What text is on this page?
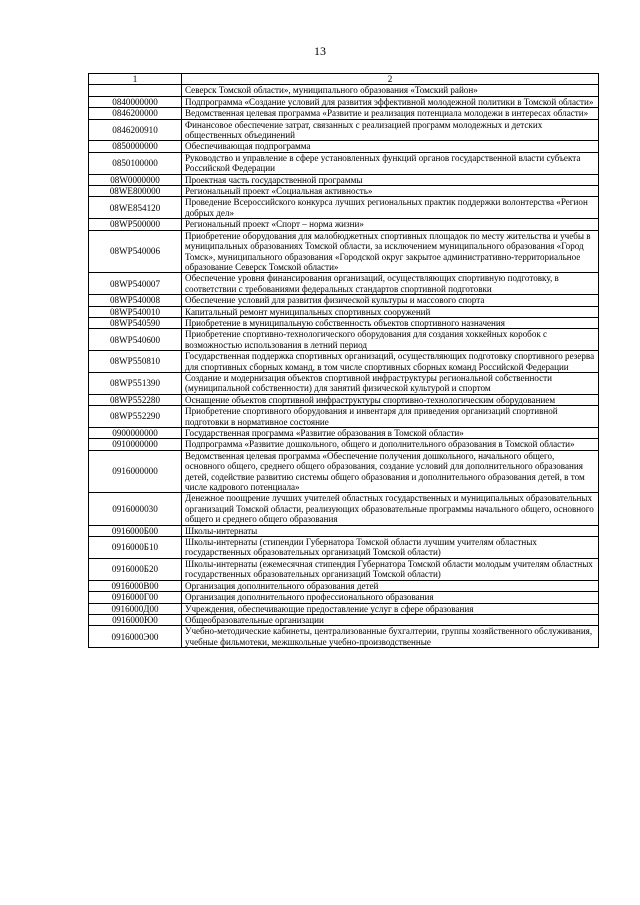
13
1	2
	Северск Томской области», муниципального образования «Томский район»
0840000000	Подпрограмма «Создание условий для развития эффективной молодежной политики в Томской области»
0846200000	Ведомственная целевая программа «Развитие и реализация потенциала молодежи в интересах области»
0846200910	Финансовое обеспечение затрат, связанных с реализацией программ молодежных и детских общественных объединений
0850000000	Обеспечивающая подпрограмма
0850100000	Руководство и управление в сфере установленных функций органов государственной власти субъекта Российской Федерации
08W0000000	Проектная часть государственной программы
08WE800000	Региональный проект «Социальная активность»
08WE854120	Проведение Всероссийского конкурса лучших региональных практик поддержки волонтерства «Регион добрых дел»
08WP500000	Региональный проект «Спорт – норма жизни»
08WP540006	Приобретение оборудования для малобюджетных спортивных площадок по месту жительства и учебы в муниципальных образованиях Томской области, за исключением муниципального образования «Город Томск», муниципального образования «Городской округ закрытое административно-территориальное образование Северск Томской области»
08WP540007	Обеспечение уровня финансирования организаций, осуществляющих спортивную подготовку, в соответствии с требованиями федеральных стандартов спортивной подготовки
08WP540008	Обеспечение условий для развития физической культуры и массового спорта
08WP540010	Капитальный ремонт муниципальных спортивных сооружений
08WP540590	Приобретение в муниципальную собственность объектов спортивного назначения
08WP540600	Приобретение спортивно-технологического оборудования для создания хоккейных коробок с возможностью использования в летний период
08WP550810	Государственная поддержка спортивных организаций, осуществляющих подготовку спортивного резерва для спортивных сборных команд, в том числе спортивных сборных команд Российской Федерации
08WP551390	Создание и модернизация объектов спортивной инфраструктуры региональной собственности (муниципальной собственности) для занятий физической культурой и спортом
08WP552280	Оснащение объектов спортивной инфраструктуры спортивно-технологическим оборудованием
08WP552290	Приобретение спортивного оборудования и инвентаря для приведения организаций спортивной подготовки в нормативное состояние
0900000000	Государственная программа «Развитие образования в Томской области»
0910000000	Подпрограмма «Развитие дошкольного, общего и дополнительного образования в Томской области»
0916000000	Ведомственная целевая программа «Обеспечение получения дошкольного, начального общего, основного общего, среднего общего образования, создание условий для дополнительного образования детей, содействие развитию системы общего образования и дополнительного образования детей, в том числе кадрового потенциала»
0916000030	Денежное поощрение лучших учителей областных государственных и муниципальных образовательных организаций Томской области, реализующих образовательные программы начального общего, основного общего и среднего общего образования
0916000Б00	Школы-интернаты
0916000Б10	Школы-интернаты (стипендии Губернатора Томской области лучшим учителям областных государственных образовательных организаций Томской области)
0916000Б20	Школы-интернаты (ежемесячная стипендия Губернатора Томской области молодым учителям областных государственных образовательных организаций Томской области)
0916000В00	Организация дополнительного образования детей
0916000Г00	Организация дополнительного профессионального образования
0916000Д00	Учреждения, обеспечивающие предоставление услуг в сфере образования
0916000Ю0	Общеобразовательные организации
0916000Э00	Учебно-методические кабинеты, централизованные бухгалтерии, группы хозяйственного обслуживания, учебные фильмотеки, межшкольные учебно-производственные
